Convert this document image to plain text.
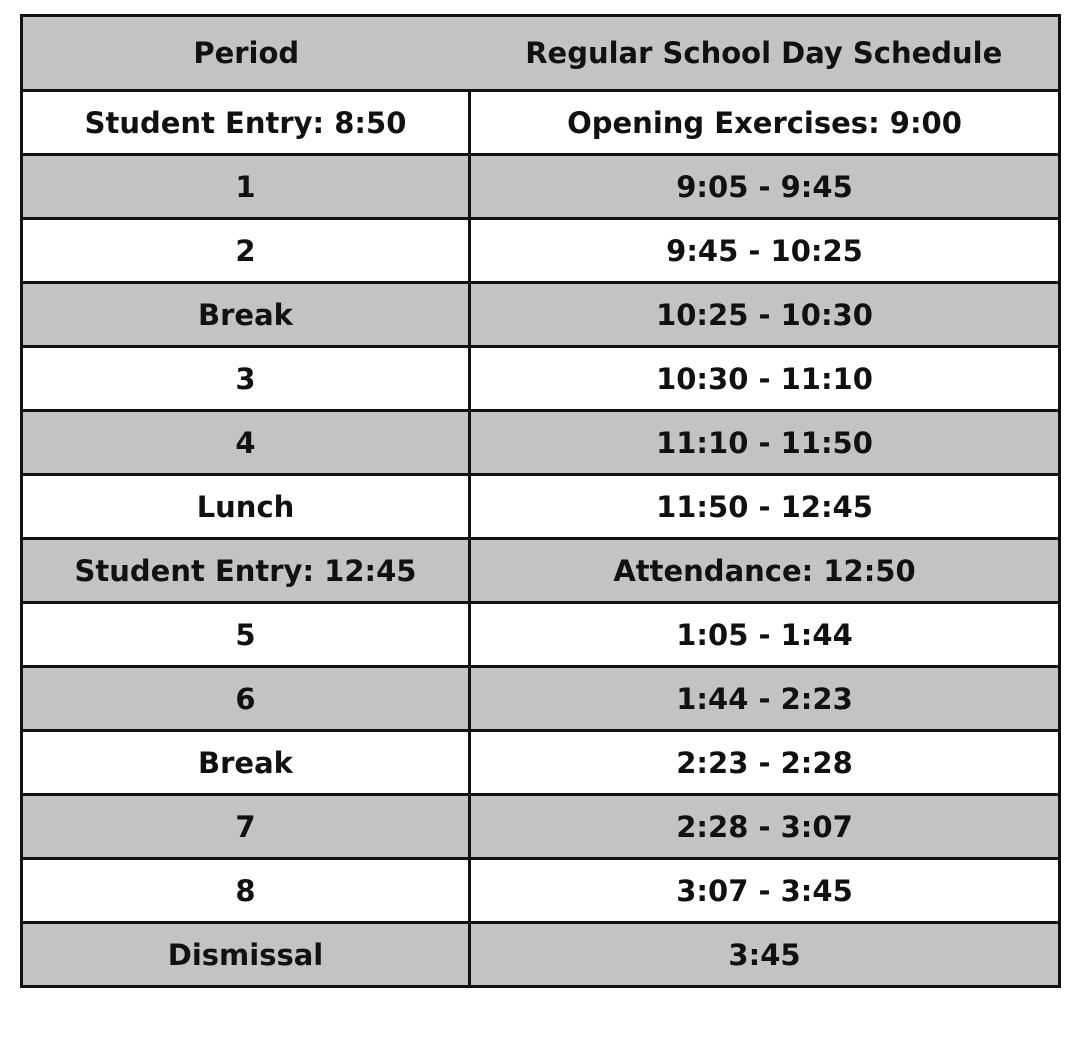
Period	Regular School Day Schedule
Student Entry: 8:50	Opening Exercises: 9:00
1	9:05 - 9:45
2	9:45 - 10:25
Break	10:25 - 10:30
3	10:30 - 11:10
4	11:10 - 11:50
Lunch	11:50 - 12:45
Student Entry: 12:45	Attendance: 12:50
5	1:05 - 1:44
6	1:44 - 2:23
Break	2:23 - 2:28
7	2:28 - 3:07
8	3:07 - 3:45
Dismissal	3:45
